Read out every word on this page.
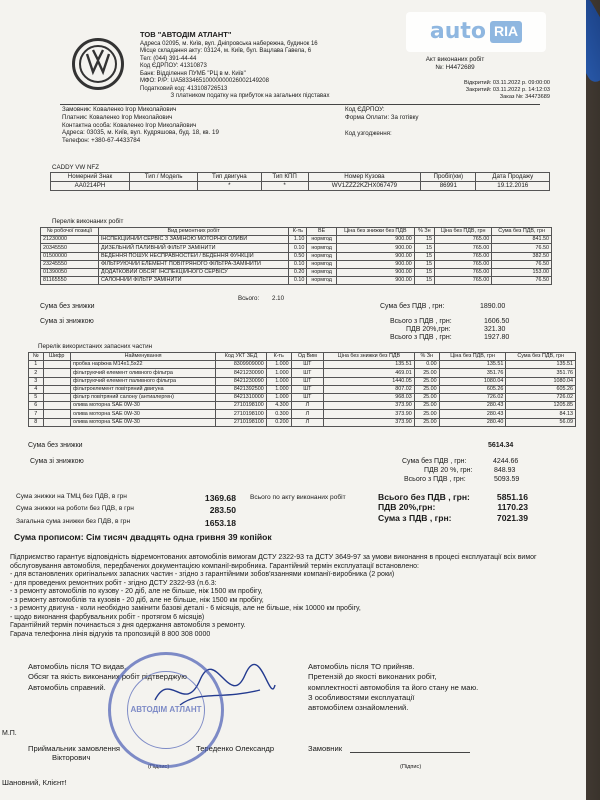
ТОВ "АВТОДІМ АТЛАНТ"
Адреса 02095, м. Київ, вул. Дніпровська набережна, будинок 16
Місце складання акту: 03124, м. Київ, бул. Вацлава Гавела, 6
Тел: (044) 391-44-44
Код ЄДРПОУ: 41310873
Банк: Відділення ПУМБ "РЦ в м. Київ"
МФО: P/P: UA583346510000000026002149208
Податковий код: 413108726513
З платником податку на прибуток на загальних підставах
auto RIA
Акт виконаних робіт
№: Н4472689
Відкритий: 03.11.2022 р. 09:00:00
Закритий: 03.11.2022 р. 14:12:03
Заказ №: 34473689
Замовник: Коваленко Ігор Миколайович
Платник: Коваленко Ігор Миколайович
Контактна особа: Коваленко Ігор Миколайович
Адреса: 03035, м. Київ, вул. Кудряшова, буд. 18, кв. 19
Телефон: +380-67-4433784
Код ЄДРПОУ:
Форма Оплати: За готівку
Код узгодження:
CADDY VW NFZ
Номерний Знак	Тип / Модель	Тип двигуна	Тип КПП	Номер Кузова	Пробіг(км)	Дата Продажу
AA0214PH		*	*	WV1ZZZ2KZHX067479	86991	19.12.2016
Перелік виконаних робіт
№ робочої позиції	Вид ремонтних робіт	К-ть	ВЕ	Ціна без знижки без ПДВ	% Зн	Ціна без ПДВ, грн	Сума без ПДВ, грн
21230000	ІНСПЕКЦІЙНИЙ СЕРВІС З ЗАМІНОЮ МОТОРНОЇ ОЛИВИ	1.10	нормгод	900.00	15	765.00	841.50
20345550	ДИЗЕЛЬНИЙ ПАЛИВНИЙ ФІЛЬТР ЗАМІНИТИ	0.10	нормгод	900.00	15	765.00	76.50
01500000	ВЕДЕННЯ ПОШУК НЕСПРАВНОСТЕЙ / ВЕДЕННЯ ФУНКЦІЙ	0.50	нормгод	900.00	15	765.00	382.50
23245550	ФІЛЬТРУЮЧИЙ ЕЛЕМЕНТ ПОВІТРЯНОГО ФІЛЬТРА-ЗАМІНИТИ	0.10	нормгод	900.00	15	765.00	76.50
01390050	ДОДАТКОВИЙ ОБСЯГ ІНСПЕКЦІЙНОГО СЕРВІСУ	0.20	нормгод	900.00	15	765.00	153.00
81165550	САЛОННИЙ ФІЛЬТР ЗАМІНИТИ	0.10	нормгод	900.00	15	765.00	76.50
Всього: 2.10
Сума без знижки
Сума зі знижкою
Сума без ПДВ , грн:	1890.00
Всього з ПДВ , грн:	1606.50
ПДВ 20%,грн:	321.30
Всього з ПДВ , грн:	1927.80
Перелік використаних запасних частин
№	Шифр	Найменування	Код УКТ ЗЕД	К-ть	Од Вим	Ціна без знижки без ПДВ	% Зн	Ціна без ПДВ, грн	Сума без ПДВ, грн
1		пробка наріжна М14х1,5х22	8309909000	1.000	ШТ	135.51	0.00	135.51	135.51
2		фільтруючий елемент оливного фільтра	8421230090	1.000	ШТ	469.01	25.00	351.76	351.76
3		фільтруючий елемент паливного фільтра	8421230090	1.000	ШТ	1440.05	25.00	1080.04	1080.04
4		фільтроелемент повітряний двигуна	8421392500	1.000	ШТ	807.02	25.00	605.26	605.26
5		фільтр повітряний салону (антиалерген)	8421310000	1.000	ШТ	968.03	25.00	726.02	726.02
6		олива моторна SAE 0W-30	2710198100	4.300	Л	373.90	25.00	280.43	1205.85
7		олива моторна SAE 0W-30	2710198100	0.300	Л	373.90	25.00	280.43	84.13
8		олива моторна SAE 0W-30	2710198100	0.200	Л	373.90	25.00	280.40	56.09
Сума без знижки	5614.34
Сума зі знижкою	Сума без ПДВ , грн:	4244.66
ПДВ 20 %, грн:	848.93
Всього з ПДВ , грн:	5093.59
Сума знижки на ТМЦ без ПДВ, в грн	1369.68
Сума знижки на роботи без ПДВ, в грн	283.50
Загальна сума знижки без ПДВ, в грн	1653.18
Всього по акту виконаних робіт	Всього без ПДВ , грн:	5851.16
ПДВ 20%,грн:	1170.23
Сума з ПДВ , грн:	7021.39
Сума прописом: Сім тисяч двадцять одна гривня 39 копійок
Підприємство гарантує відповідність відремонтованих автомобілів вимогам ДСТУ 2322-93 та ДСТУ 3649-97 за умови виконання в процесі експлуатації всіх вимог обслуговування автомобіля, передбачених документацією компанії-виробника. Гарантійний термін експлуатації встановлено:
- для встановлених оригінальних запасних частин - згідно з гарантійними зобов'язаннями компанії-виробника (2 роки)
- для проведених ремонтних робіт - згідно ДСТУ 2322-93 (п.6.3:
- з ремонту автомобілів по кузову - 20 діб, але не більше, ніж 1500 км пробігу,
- з ремонту автомобілів та кузовів - 20 діб, але не більше, ніж 1500 км пробігу,
- з ремонту двигуна - коли необхідно замінити базові деталі - 6 місяців, але не більше, ніж 10000 км пробігу,
- щодо виконання фарбувальних робіт - протягом 6 місяців)
Гарантійний термін починається з дня одержання автомобіля з ремонту.
Гарача телефонна лінія відгуків та пропозицій 8 800 308 0000
Автомобіль після ТО видав,
Обсяг та якість виконаних робіт підтверджую
Автомобіль справний.
М.П.
Приймальник замовлення
Вікторович
Тереденко Олександр
(Підпис)
Шановний, Клієнт!
Автомобіль після ТО прийняв.
Претензій до якості виконаних робіт,
комплектності автомобіля та його стану не маю.
З особливостями експлуатації
автомобілем ознайомлений.
Замовник
(Підпис)
АВТОДІМ АТЛАНТ
